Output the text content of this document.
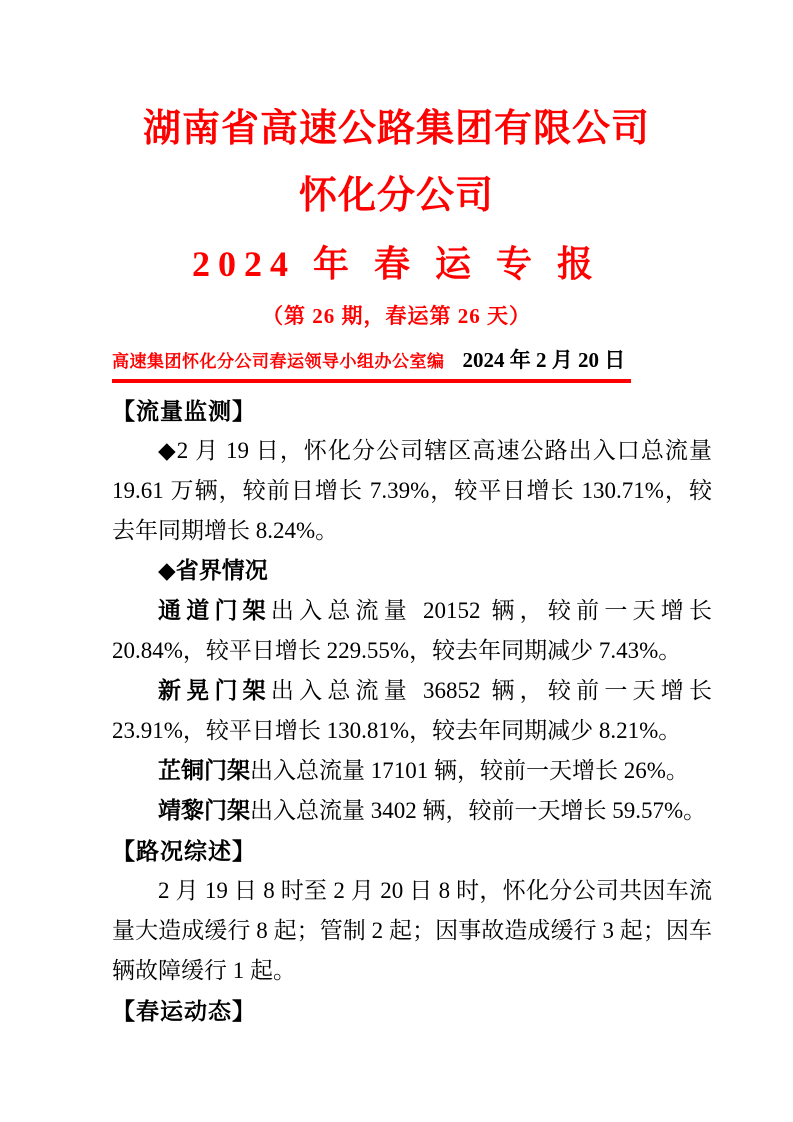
湖南省高速公路集团有限公司
怀化分公司
2024 年 春 运 专 报
（第 26 期，春运第 26 天）
高速集团怀化分公司春运领导小组办公室编 2024 年 2 月 20 日
【流量监测】

◆2 月 19 日，怀化分公司辖区高速公路出入口总流量 19.61 万辆，较前日增长 7.39%，较平日增长 130.71%，较去年同期增长 8.24%。

◆省界情况

通道门架出入总流量 20152 辆，较前一天增长 20.84%，较平日增长 229.55%，较去年同期减少 7.43%。

新晃门架出入总流量 36852 辆，较前一天增长 23.91%，较平日增长 130.81%，较去年同期减少 8.21%。

芷铜门架出入总流量 17101 辆，较前一天增长 26%。

靖黎门架出入总流量 3402 辆，较前一天增长 59.57%。

【路况综述】

2 月 19 日 8 时至 2 月 20 日 8 时，怀化分公司共因车流量大造成缓行 8 起；管制 2 起；因事故造成缓行 3 起；因车辆故障缓行 1 起。

【春运动态】
